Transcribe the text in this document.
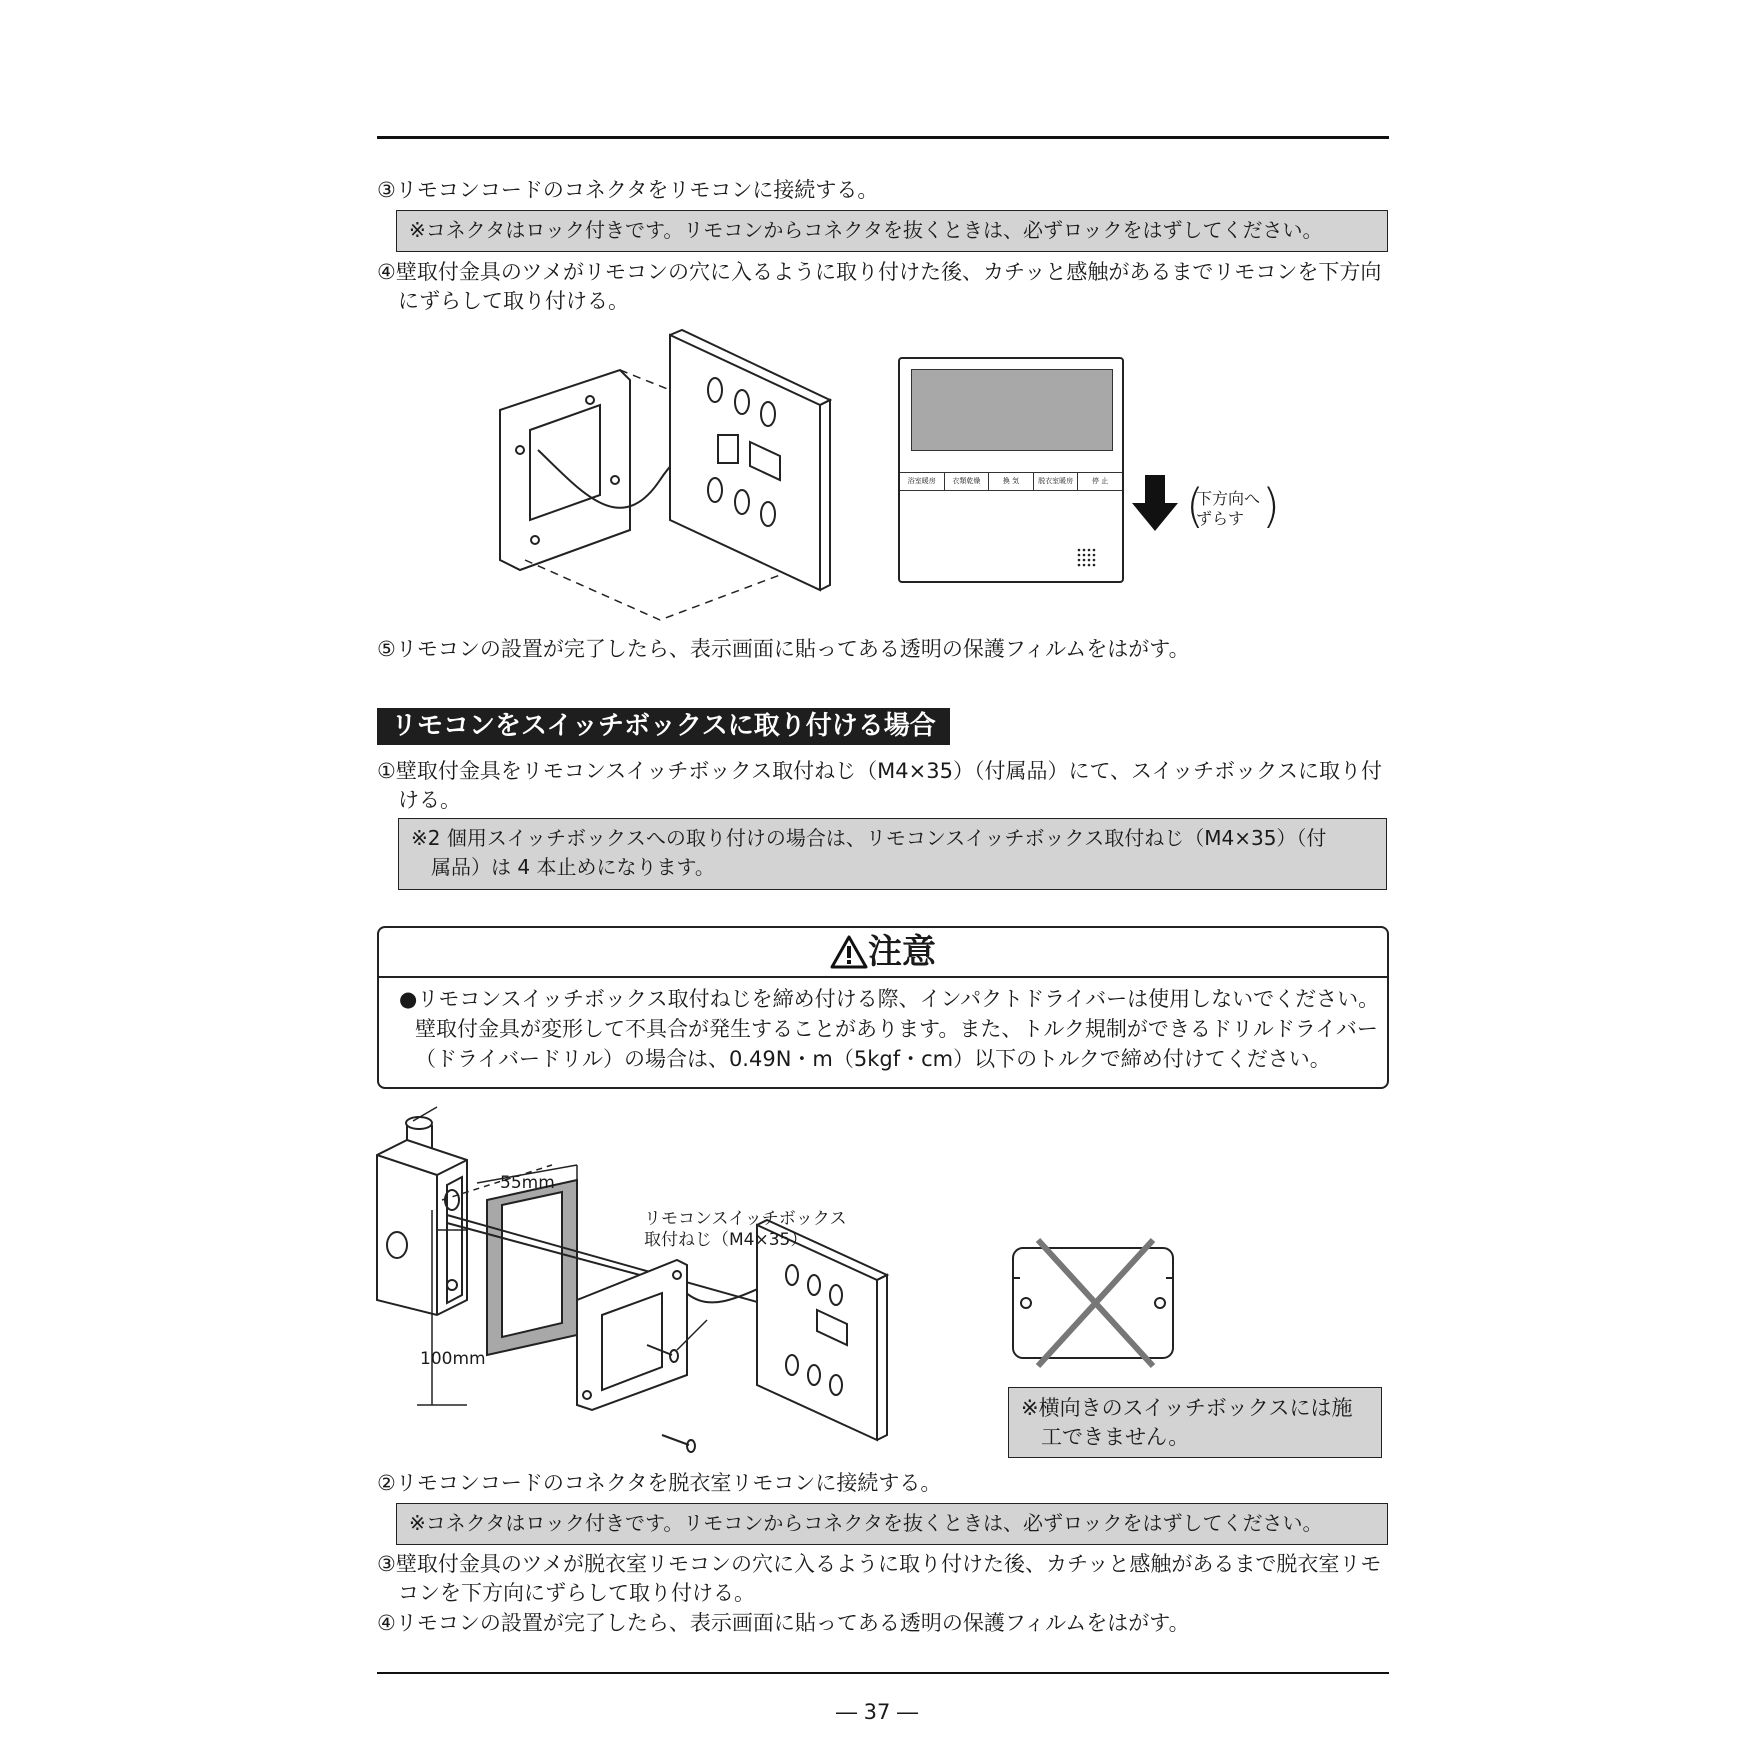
③リモコンコードのコネクタをリモコンに接続する。
※コネクタはロック付きです。リモコンからコネクタを抜くときは、必ずロックをはずしてください。
④壁取付金具のツメがリモコンの穴に入るように取り付けた後、カチッと感触があるまでリモコンを下方向
にずらして取り付ける。
浴室暖房	衣類乾燥	換 気	脱衣室暖房	停 止 (
下方向へ
ずらす )
⑤リモコンの設置が完了したら、表示画面に貼ってある透明の保護フィルムをはがす。
リモコンをスイッチボックスに取り付ける場合
①壁取付金具をリモコンスイッチボックス取付ねじ（M4×35）（付属品）にて、スイッチボックスに取り付
ける。
※2 個用スイッチボックスへの取り付けの場合は、リモコンスイッチボックス取付ねじ（M4×35）（付
属品）は 4 本止めになります。
注意

●リモコンスイッチボックス取付ねじを締め付ける際、インパクトドライバーは使用しないでください。

壁取付金具が変形して不具合が発生することがあります。また、トルク規制ができるドリルドライバー

（ドライバードリル）の場合は、0.49N・m（5kgf・cm）以下のトルクで締め付けてください。

55mm
100mm
リモコンスイッチボックス
取付ねじ（M4×35）
※横向きのスイッチボックスには施
工できません。
②リモコンコードのコネクタを脱衣室リモコンに接続する。
※コネクタはロック付きです。リモコンからコネクタを抜くときは、必ずロックをはずしてください。
③壁取付金具のツメが脱衣室リモコンの穴に入るように取り付けた後、カチッと感触があるまで脱衣室リモ
コンを下方向にずらして取り付ける。
④リモコンの設置が完了したら、表示画面に貼ってある透明の保護フィルムをはがす。
― 37 ―
